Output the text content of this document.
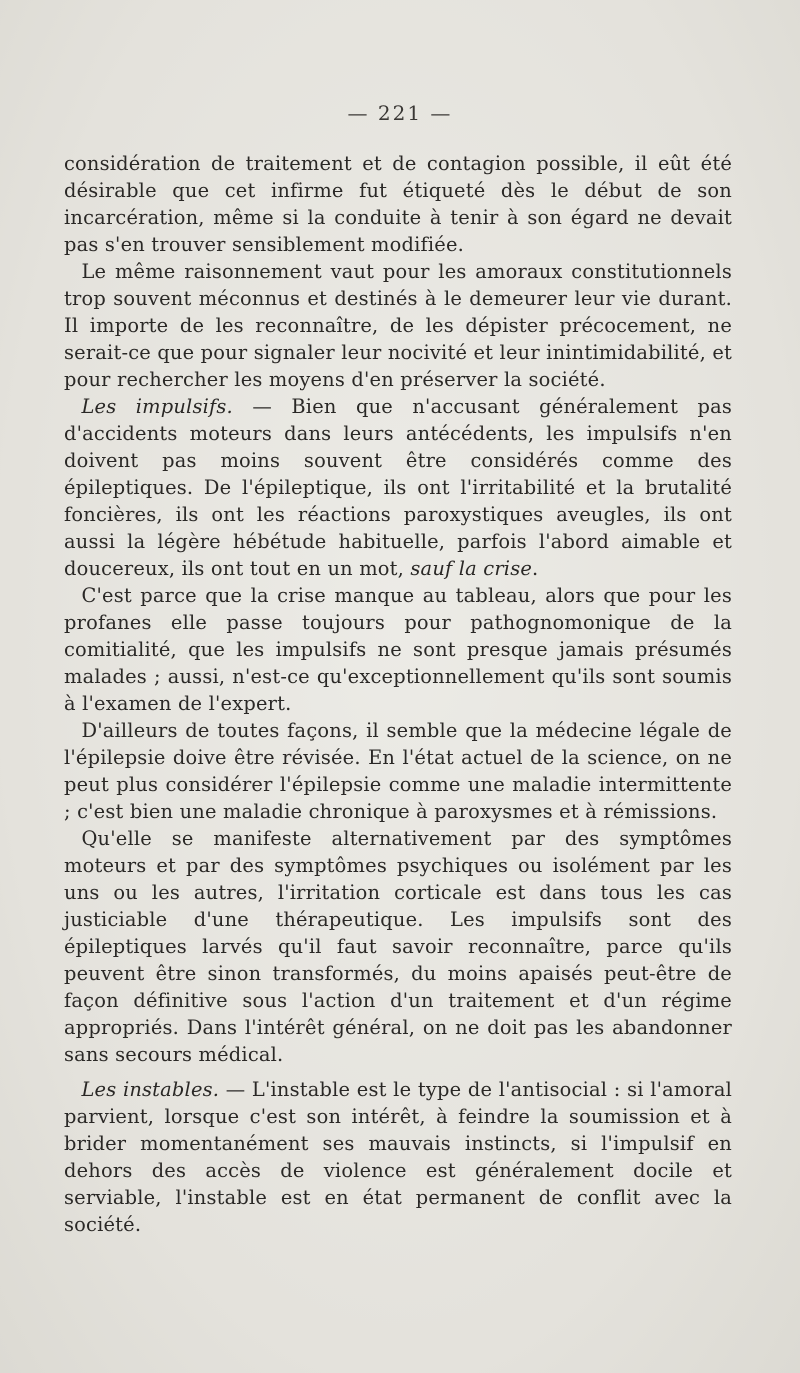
— 221 —

considération de traitement et de contagion possible, il eût été désirable que cet infirme fut étiqueté dès le début de son incarcération, même si la conduite à tenir à son égard ne devait pas s'en trouver sensiblement modifiée.

Le même raisonnement vaut pour les amoraux constitutionnels trop souvent méconnus et destinés à le demeurer leur vie durant. Il importe de les reconnaître, de les dépister précocement, ne serait-ce que pour signaler leur nocivité et leur inintimidabilité, et pour rechercher les moyens d'en préserver la société.

Les impulsifs. — Bien que n'accusant généralement pas d'accidents moteurs dans leurs antécédents, les impulsifs n'en doivent pas moins souvent être considérés comme des épileptiques. De l'épileptique, ils ont l'irritabilité et la brutalité foncières, ils ont les réactions paroxystiques aveugles, ils ont aussi la légère hébétude habituelle, parfois l'abord aimable et doucereux, ils ont tout en un mot, sauf la crise.

C'est parce que la crise manque au tableau, alors que pour les profanes elle passe toujours pour pathognomonique de la comitialité, que les impulsifs ne sont presque jamais présumés malades ; aussi, n'est-ce qu'exceptionnellement qu'ils sont soumis à l'examen de l'expert.

D'ailleurs de toutes façons, il semble que la médecine légale de l'épilepsie doive être révisée. En l'état actuel de la science, on ne peut plus considérer l'épilepsie comme une maladie intermittente ; c'est bien une maladie chronique à paroxysmes et à rémissions.

Qu'elle se manifeste alternativement par des symptômes moteurs et par des symptômes psychiques ou isolément par les uns ou les autres, l'irritation corticale est dans tous les cas justiciable d'une thérapeutique. Les impulsifs sont des épileptiques larvés qu'il faut savoir reconnaître, parce qu'ils peuvent être sinon transformés, du moins apaisés peut-être de façon définitive sous l'action d'un traitement et d'un régime appropriés. Dans l'intérêt général, on ne doit pas les abandonner sans secours médical.

Les instables. — L'instable est le type de l'antisocial : si l'amoral parvient, lorsque c'est son intérêt, à feindre la soumission et à brider momentanément ses mauvais instincts, si l'impulsif en dehors des accès de violence est généralement docile et serviable, l'instable est en état permanent de conflit avec la société.
